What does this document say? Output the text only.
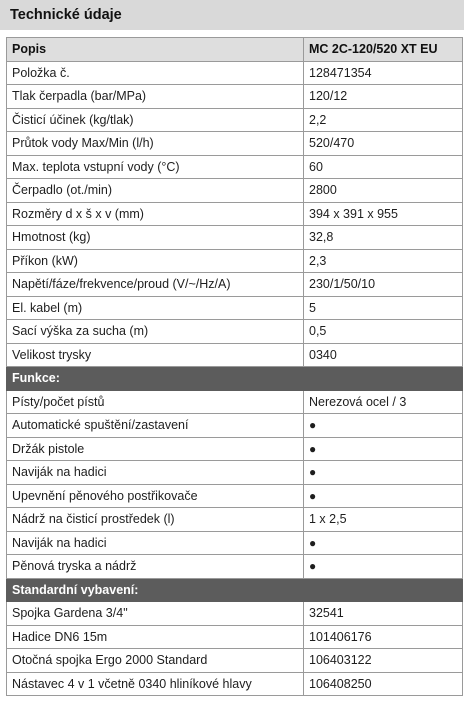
Technické údaje
Popis	MC 2C-120/520 XT EU
Položka č.	128471354
Tlak čerpadla (bar/MPa)	120/12
Čisticí účinek (kg/tlak)	2,2
Průtok vody Max/Min (l/h)	520/470
Max. teplota vstupní vody (°C)	60
Čerpadlo (ot./min)	2800
Rozměry d x š x v (mm)	394 x 391 x 955
Hmotnost (kg)	32,8
Příkon (kW)	2,3
Napětí/fáze/frekvence/proud (V/~/Hz/A)	230/1/50/10
El. kabel (m)	5
Sací výška za sucha (m)	0,5
Velikost trysky	0340
Funkce:	
Písty/počet pístů	Nerezová ocel / 3
Automatické spuštění/zastavení	●
Držák pistole	●
Naviják na hadici	●
Upevnění pěnového postřikovače	●
Nádrž na čisticí prostředek (l)	1 x 2,5
Naviják na hadici	●
Pěnová tryska a nádrž	●
Standardní vybavení:	
Spojka Gardena 3/4"	32541
Hadice DN6 15m	101406176
Otočná spojka Ergo 2000 Standard	106403122
Nástavec 4 v 1 včetně 0340 hliníkové hlavy	106408250
